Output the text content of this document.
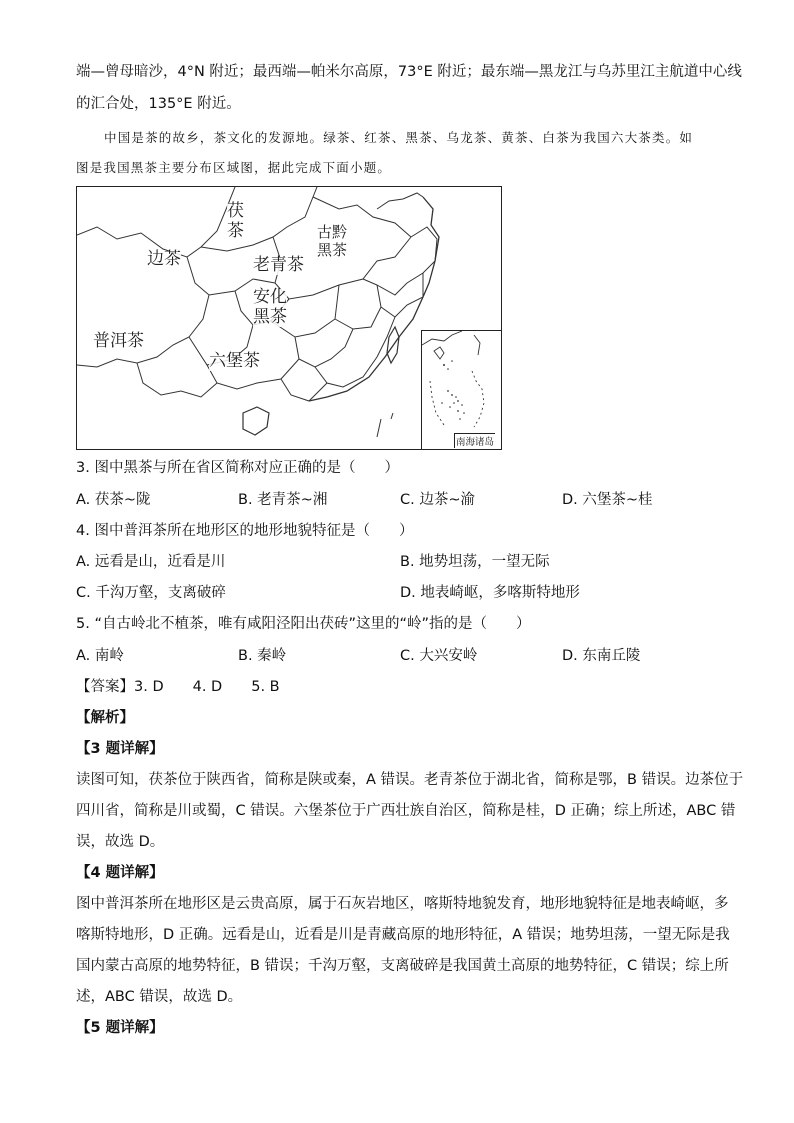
端—曾母暗沙，4°N 附近；最西端—帕米尔高原，73°E 附近；最东端—黑龙江与乌苏里江主航道中心线
的汇合处，135°E 附近。
中国是茶的故乡，茶文化的发源地。绿茶、红茶、黑茶、乌龙茶、黄茶、白茶为我国六大茶类。如
图是我国黑茶主要分布区域图，据此完成下面小题。
茯
茶	古黔
黑茶
边茶	老青茶
安化
黑茶
普洱茶
六堡茶
南海诸岛
3. 图中黑茶与所在省区简称对应正确的是（　　）
A. 茯茶~陇	B. 老青茶~湘	C. 边茶~渝	D. 六堡茶~桂
4. 图中普洱茶所在地形区的地形地貌特征是（　　）
A. 远看是山，近看是川	B. 地势坦荡，一望无际
C. 千沟万壑，支离破碎	D. 地表崎岖，多喀斯特地形
5. “自古岭北不植茶，唯有咸阳泾阳出茯砖”这里的“岭”指的是（　　）
A. 南岭	B. 秦岭	C. 大兴安岭	D. 东南丘陵
【答案】3. D　　4. D　　5. B
【解析】
【3 题详解】
读图可知，茯茶位于陕西省，简称是陕或秦，A 错误。老青茶位于湖北省，简称是鄂，B 错误。边茶位于
四川省，简称是川或蜀，C 错误。六堡茶位于广西壮族自治区，简称是桂，D 正确；综上所述，ABC 错
误，故选 D。
【4 题详解】
图中普洱茶所在地形区是云贵高原，属于石灰岩地区，喀斯特地貌发育，地形地貌特征是地表崎岖，多
喀斯特地形，D 正确。远看是山，近看是川是青藏高原的地形特征，A 错误；地势坦荡，一望无际是我
国内蒙古高原的地势特征，B 错误；千沟万壑，支离破碎是我国黄土高原的地势特征，C 错误；综上所
述，ABC 错误，故选 D。
【5 题详解】
